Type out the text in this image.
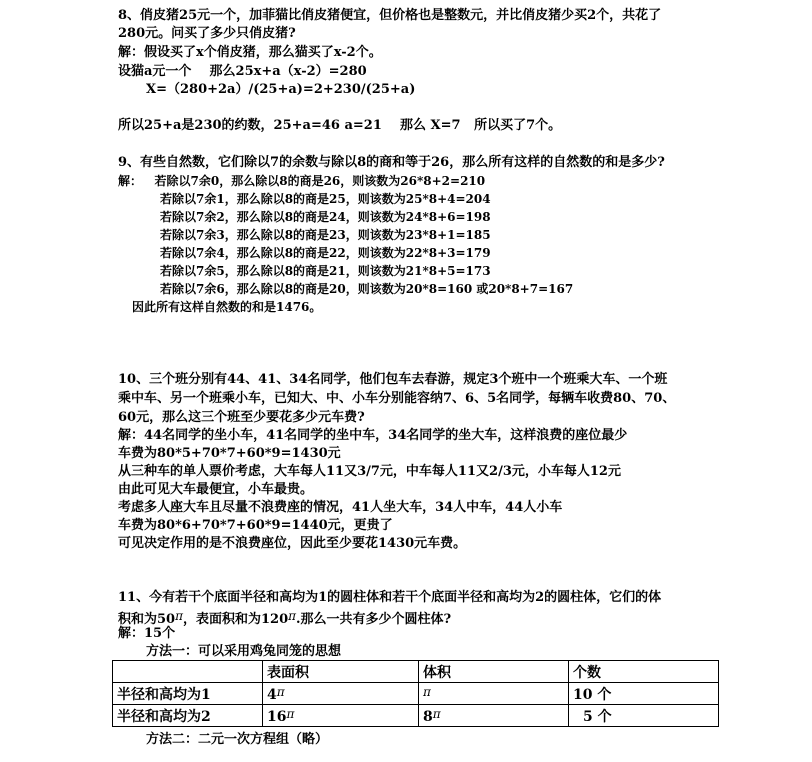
8、俏皮猪25元一个，加菲猫比俏皮猪便宜，但价格也是整数元，并比俏皮猪少买2个，共花了
280元。问买了多少只俏皮猪?
解：假设买了x个俏皮猪，那么猫买了x-2个。
设猫a元一个    那么25x+a（x-2）=280
X=（280+2a）/(25+a)=2+230/(25+a)
所以25+a是230的约数，25+a=46 a=21    那么 X=7   所以买了7个。
9、有些自然数，它们除以7的余数与除以8的商和等于26，那么所有这样的自然数的和是多少?
解：   若除以7余0，那么除以8的商是26，则该数为26*8+2=210
若除以7余1，那么除以8的商是25，则该数为25*8+4=204
若除以7余2，那么除以8的商是24，则该数为24*8+6=198
若除以7余3，那么除以8的商是23，则该数为23*8+1=185
若除以7余4，那么除以8的商是22，则该数为22*8+3=179
若除以7余5，那么除以8的商是21，则该数为21*8+5=173
若除以7余6，那么除以8的商是20，则该数为20*8=160 或20*8+7=167
因此所有这样自然数的和是1476。
10、三个班分别有44、41、34名同学，他们包车去春游，规定3个班中一个班乘大车、一个班
乘中车、另一个班乘小车，已知大、中、小车分别能容纳7、6、5名同学，每辆车收费80、70、
60元，那么这三个班至少要花多少元车费?
解：44名同学的坐小车，41名同学的坐中车，34名同学的坐大车，这样浪费的座位最少
车费为80*5+70*7+60*9=1430元
从三种车的单人票价考虑，大车每人11又3/7元，中车每人11又2/3元，小车每人12元
由此可见大车最便宜，小车最贵。
考虑多人座大车且尽量不浪费座的情况，41人坐大车，34人中车，44人小车
车费为80*6+70*7+60*9=1440元，更贵了
可见决定作用的是不浪费座位，因此至少要花1430元车费。
11、今有若干个底面半径和高均为1的圆柱体和若干个底面半径和高均为2的圆柱体，它们的体
积和为50π，表面积和为120π.那么一共有多少个圆柱体?
解：15个
方法一：可以采用鸡兔同笼的思想
	表面积	体积	个数
半径和高均为1	4π	π	10 个
半径和高均为2	16π	8π	5 个
方法二：二元一次方程组（略）
